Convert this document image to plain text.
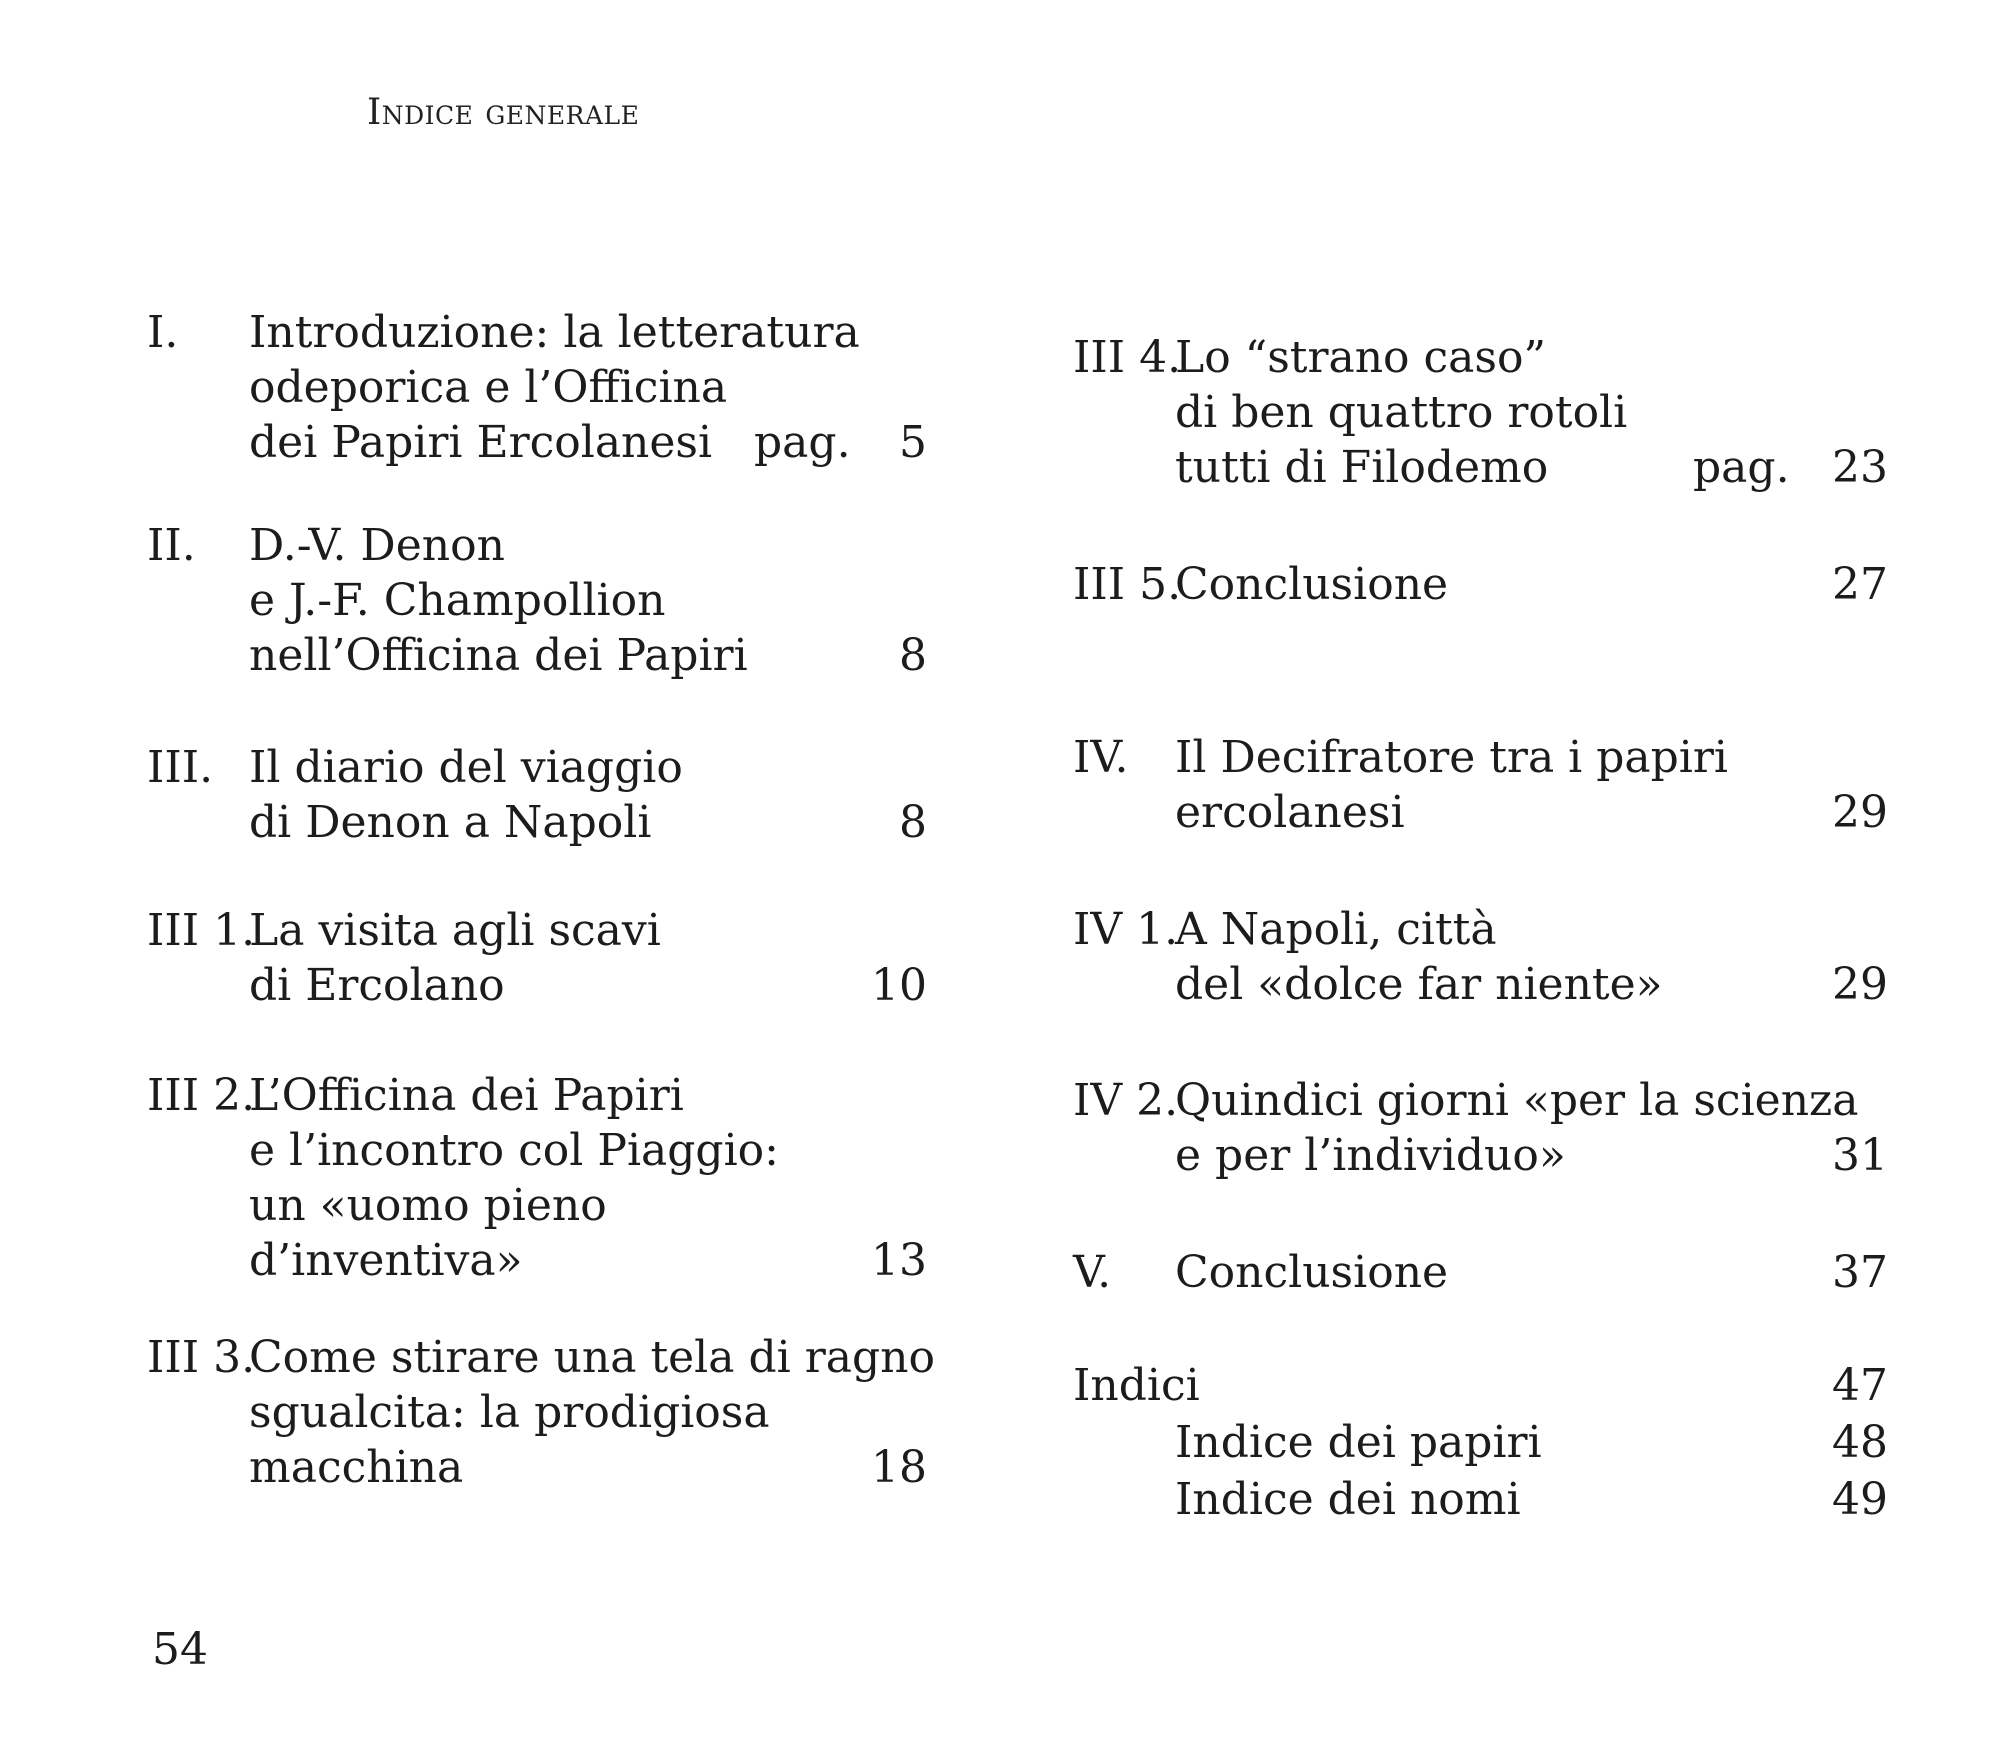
Indice generale
I. Introduzione: la letteratura
odeporica e l’Officina
dei Papiri Ercolanesi pag. 5
II. D.-V. Denon
e J.-F. Champollion
nell’Officina dei Papiri	8
III. Il diario del viaggio
di Denon a Napoli	8
III 1.
La visita agli scavi
di Ercolano	10
III 2.
L’Officina dei Papiri
e l’incontro col Piaggio:
un «uomo pieno
d’inventiva»	13
III 3.
Come stirare una tela di ragno
sgualcita: la prodigiosa
macchina	18
III 4.
Lo “strano caso”
di ben quattro rotoli
tutti di Filodemo	pag. 23
III 5.
Conclusione	27
IV. Il Decifratore tra i papiri
ercolanesi	29
IV 1.
A Napoli, città
del «dolce far niente»	29
IV 2.
Quindici giorni «per la scienza
e per l’individuo»	31
V. Conclusione	37
Indici	47
Indice dei papiri	48
Indice dei nomi	49
54
